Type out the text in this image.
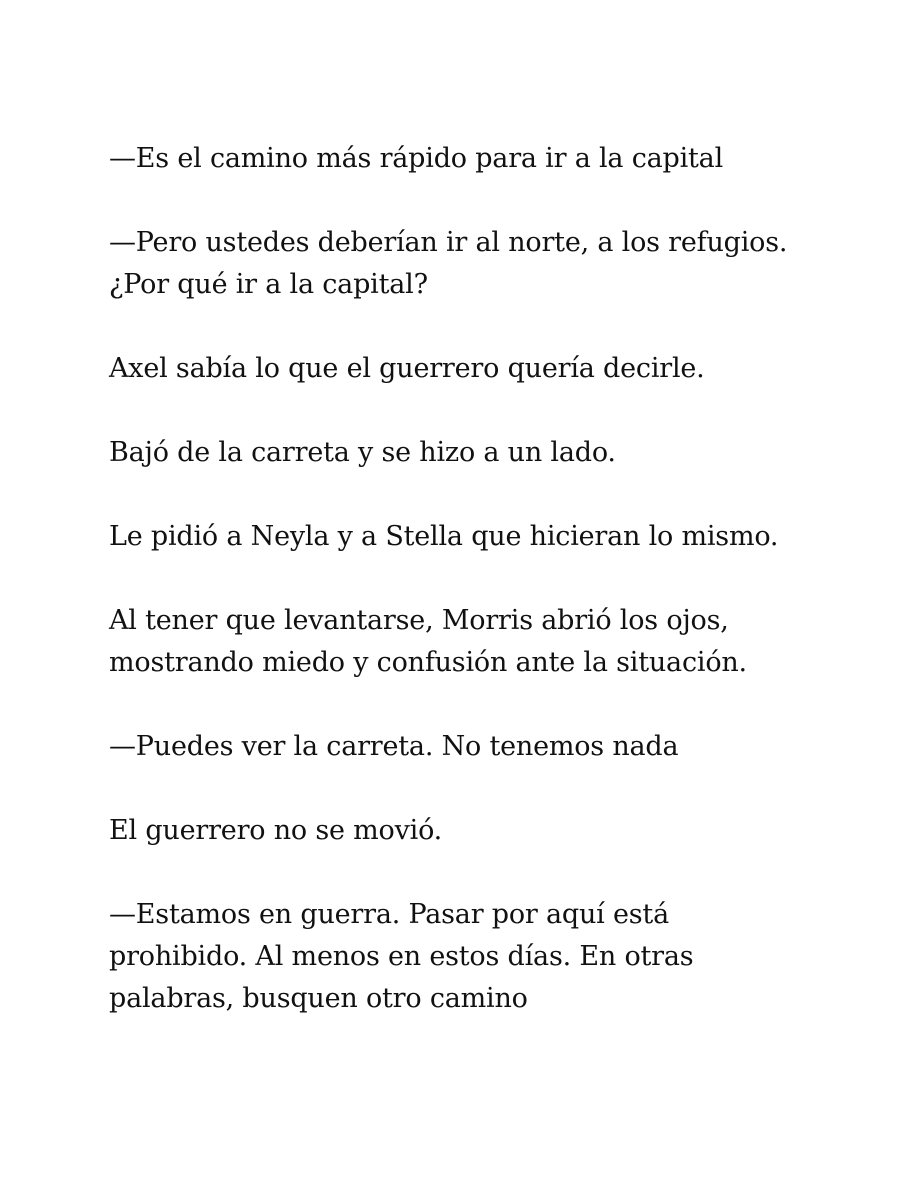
—Es el camino más rápido para ir a la capital

—Pero ustedes deberían ir al norte, a los refugios. ¿Por qué ir a la capital?

Axel sabía lo que el guerrero quería decirle.

Bajó de la carreta y se hizo a un lado.

Le pidió a Neyla y a Stella que hicieran lo mismo.

Al tener que levantarse, Morris abrió los ojos, mostrando miedo y confusión ante la situación.

—Puedes ver la carreta. No tenemos nada

El guerrero no se movió.

—Estamos en guerra. Pasar por aquí está prohibido. Al menos en estos días. En otras palabras, busquen otro camino
